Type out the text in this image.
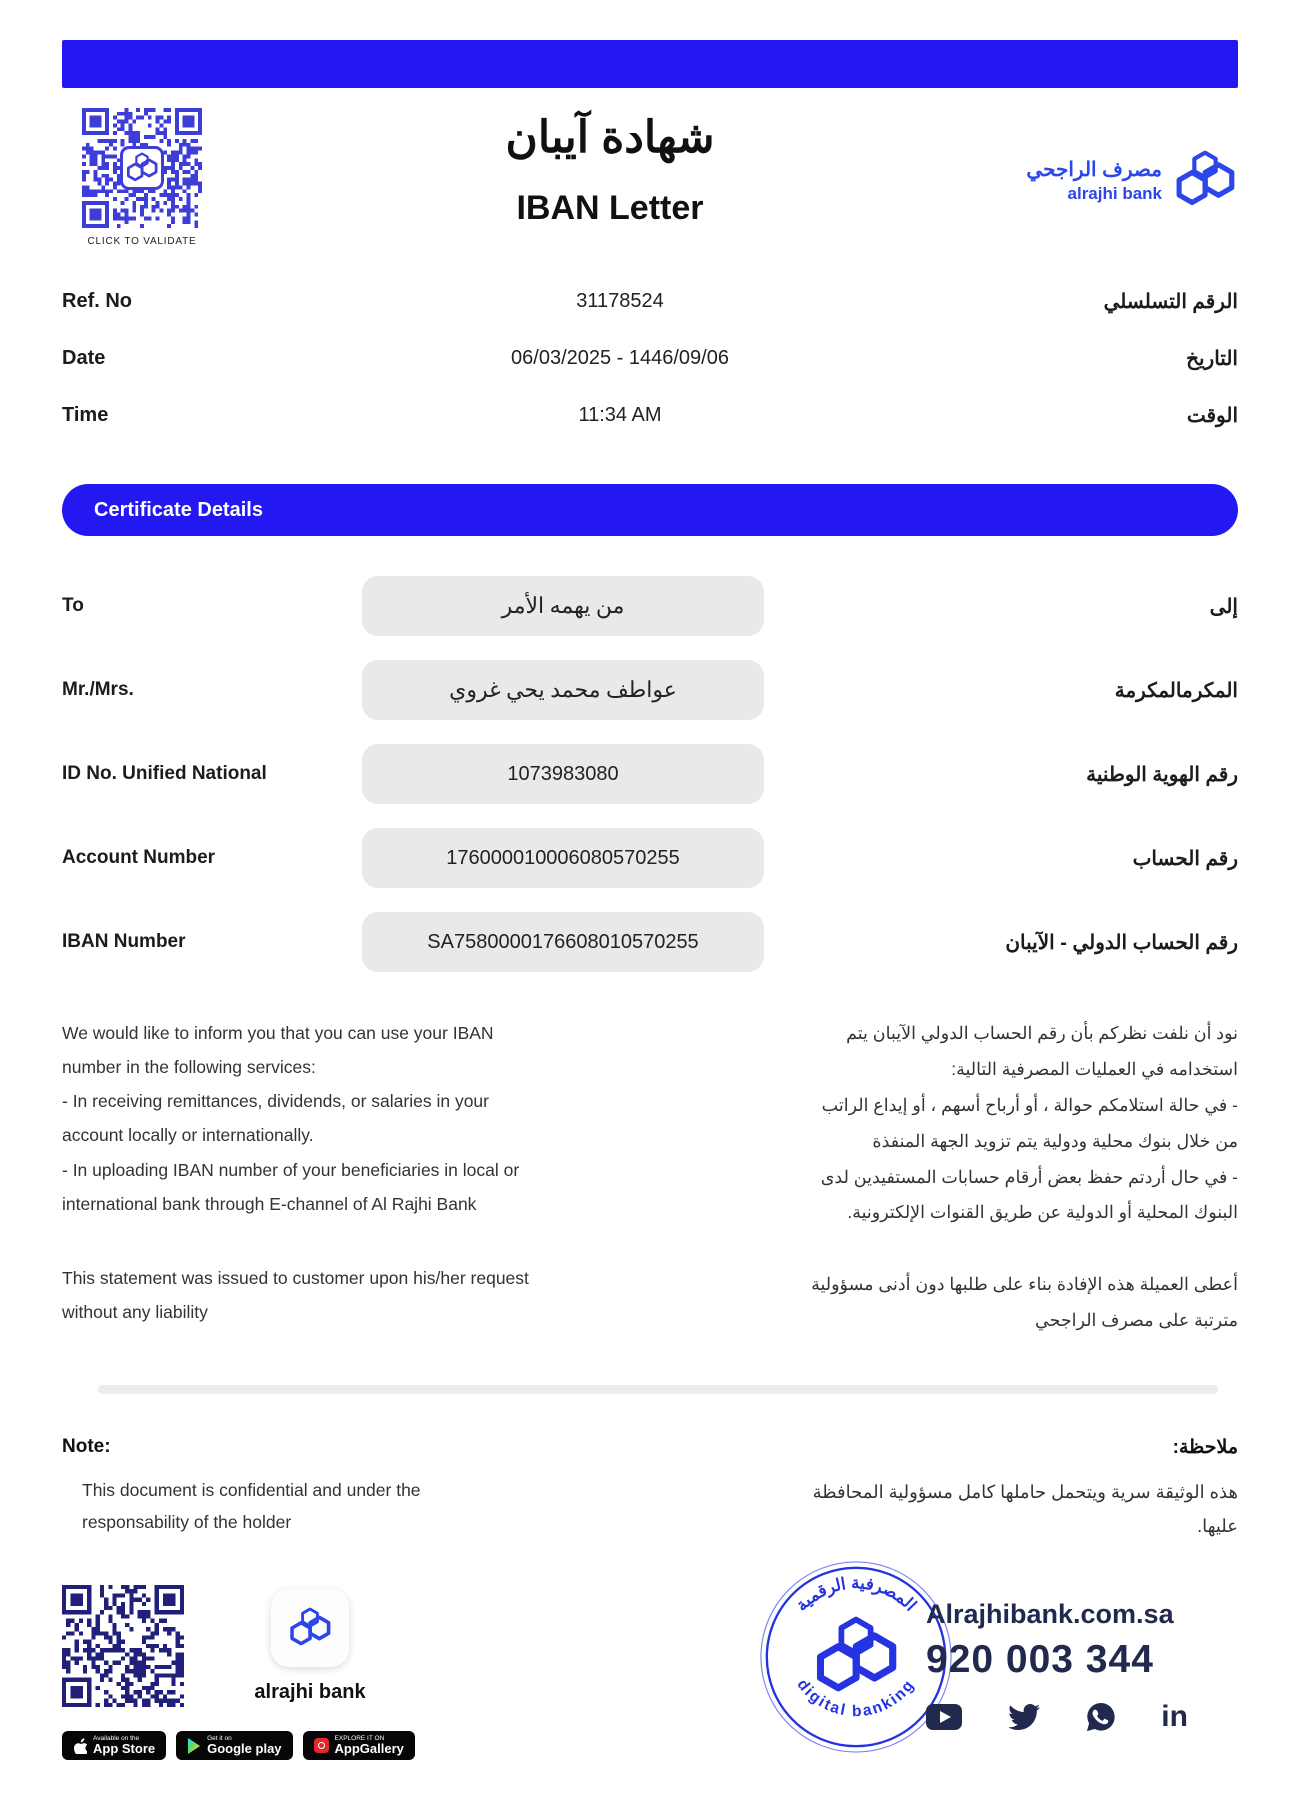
CLICK TO VALIDATE
شهادة آيبان
IBAN Letter
مصرف الراجحي
alrajhi bank
Ref. No	31178524	الرقم التسلسلي
Date	06/03/2025 - 1446/09/06	التاريخ
Time	11:34 AM	الوقت
Certificate Details
To	من يهمه الأمر	إلى
Mr./Mrs.	عواطف محمد يحي غروي	المكرمالمكرمة
ID No. Unified National	1073983080	رقم الهوية الوطنية
Account Number	176000010006080570255	رقم الحساب
IBAN Number	SA7580000176608010570255	رقم الحساب الدولي - الآيبان

We would like to inform you that you can use your IBAN number in the following services:

- In receiving remittances, dividends, or salaries in your account locally or internationally.

- In uploading IBAN number of your beneficiaries in local or international bank through E-channel of Al Rajhi Bank

This statement was issued to customer upon his/her request without any liability

نود أن نلفت نظركم بأن رقم الحساب الدولي الآيبان يتم استخدامه في العمليات المصرفية التالية:

- في حالة استلامكم حوالة ، أو أرباح أسهم ، أو إيداع الراتب من خلال بنوك محلية ودولية يتم تزويد الجهة المنفذة

- في حال أردتم حفظ بعض أرقام حسابات المستفيدين لدى البنوك المحلية أو الدولية عن طريق القنوات الإلكترونية.

أعطى العميلة هذه الإفادة بناء على طلبها دون أدنى مسؤولية مترتبة على مصرف الراجحي

Note:	ملاحظة:
This document is confidential and under the responsability of the holder
هذه الوثيقة سرية ويتحمل حاملها كامل مسؤولية المحافظة عليها.
alrajhi bank
Available on the
App Store
Get it on
Google play
EXPLORE IT ON
AppGallery
المصرفية الرقمية
digital banking
Alrajhibank.com.sa
920 003 344
in
